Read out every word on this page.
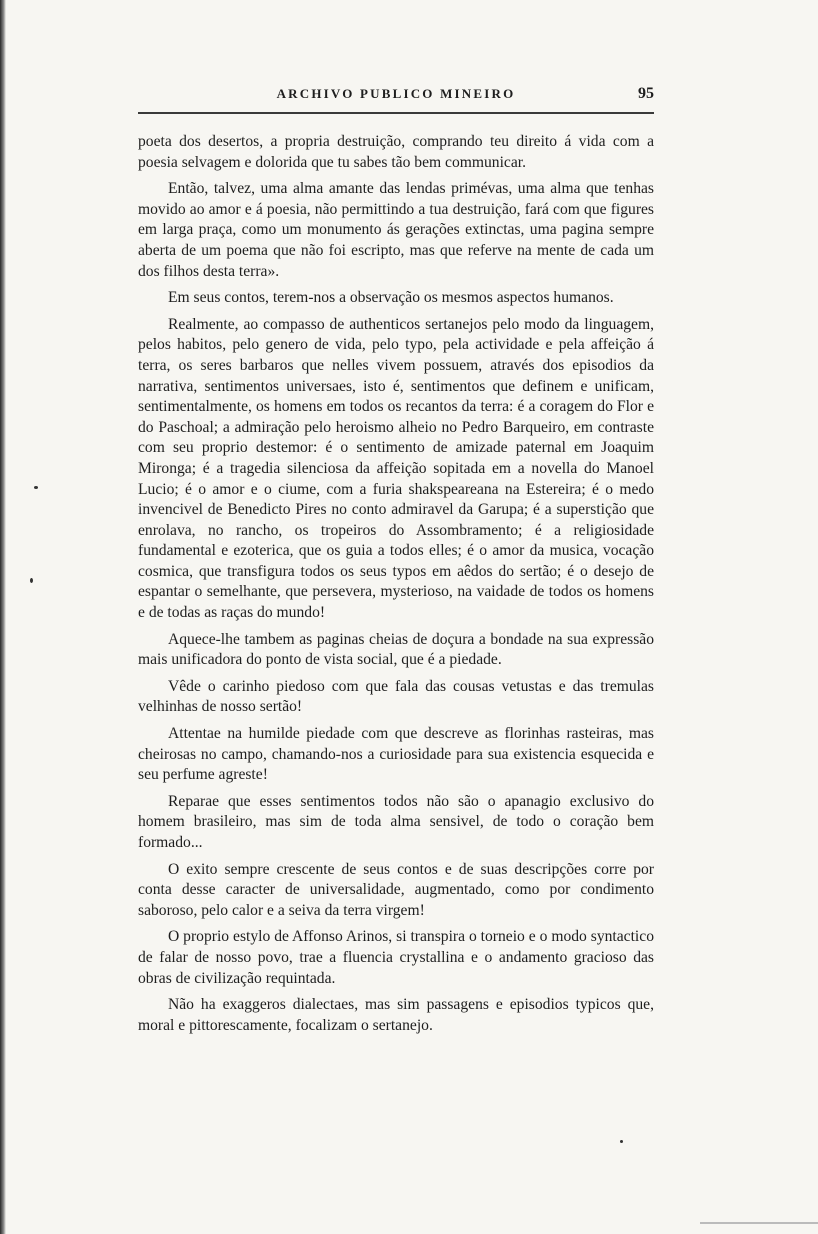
ARCHIVO PUBLICO MINEIRO	95

poeta dos desertos, a propria destruição, comprando teu direito á vida com a poesia selvagem e dolorida que tu sabes tão bem communicar.

Então, talvez, uma alma amante das lendas primévas, uma alma que tenhas movido ao amor e á poesia, não permittindo a tua destruição, fará com que figures em larga praça, como um monumento ás gerações extinctas, uma pagina sempre aberta de um poema que não foi escripto, mas que referve na mente de cada um dos filhos desta terra».

Em seus contos, terem-nos a observação os mesmos aspectos humanos.

Realmente, ao compasso de authenticos sertanejos pelo modo da linguagem, pelos habitos, pelo genero de vida, pelo typo, pela actividade e pela affeição á terra, os seres barbaros que nelles vivem possuem, através dos episodios da narrativa, sentimentos universaes, isto é, sentimentos que definem e unificam, sentimentalmente, os homens em todos os recantos da terra: é a coragem do Flor e do Paschoal; a admiração pelo heroismo alheio no Pedro Barqueiro, em contraste com seu proprio destemor: é o sentimento de amizade paternal em Joaquim Mironga; é a tragedia silenciosa da affeição sopitada em a novella do Manoel Lucio; é o amor e o ciume, com a furia shakspeareana na Estereira; é o medo invencivel de Benedicto Pires no conto admiravel da Garupa; é a superstição que enrolava, no rancho, os tropeiros do Assombramento; é a religiosidade fundamental e ezoterica, que os guia a todos elles; é o amor da musica, vocação cosmica, que transfigura todos os seus typos em aêdos do sertão; é o desejo de espantar o semelhante, que persevera, mysterioso, na vaidade de todos os homens e de todas as raças do mundo!

Aquece-lhe tambem as paginas cheias de doçura a bondade na sua expressão mais unificadora do ponto de vista social, que é a piedade.

Vêde o carinho piedoso com que fala das cousas vetustas e das tremulas velhinhas de nosso sertão!

Attentae na humilde piedade com que descreve as florinhas rasteiras, mas cheirosas no campo, chamando-nos a curiosidade para sua existencia esquecida e seu perfume agreste!

Reparae que esses sentimentos todos não são o apanagio exclusivo do homem brasileiro, mas sim de toda alma sensivel, de todo o coração bem formado...

O exito sempre crescente de seus contos e de suas descripções corre por conta desse caracter de universalidade, augmentado, como por condimento saboroso, pelo calor e a seiva da terra virgem!

O proprio estylo de Affonso Arinos, si transpira o torneio e o modo syntactico de falar de nosso povo, trae a fluencia crystallina e o andamento gracioso das obras de civilização requintada.

Não ha exaggeros dialectaes, mas sim passagens e episodios typicos que, moral e pittorescamente, focalizam o sertanejo.
